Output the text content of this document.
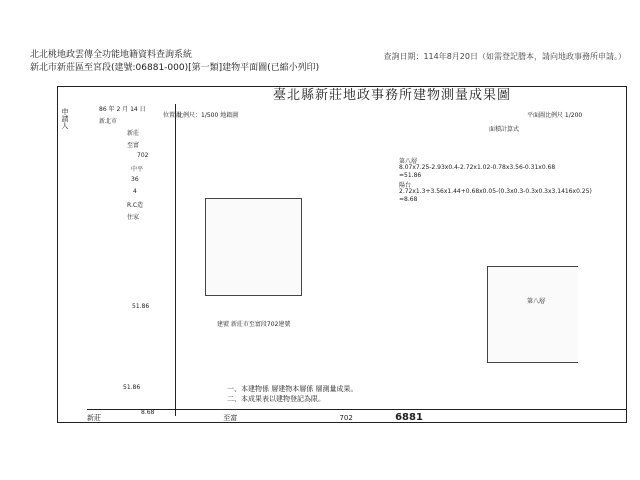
北北桃地政雲傳全功能地籍資料查詢系統
新北市新莊區至宮段(建號:06881-000)[第一類]建物平面圖(已縮小列印)
查詢日期：114年8月20日（如需登記謄本，請向地政事務所申請。）
臺北縣新莊地政事務所建物測量成果圖
申請人	86 年 2 月 14 日
新北市
新莊
至富
702
中平
36
4
R.C造
住家
51.86
51.86
8.68
比例尺：1/500 地籍圖
位置圖	平面圖比例尺 1/200
面積計算式
第八層
8.07x7.25-2.93x0.4-2.72x1.02-0.78x3.56-0.31x0.68
=51.86
陽台
2.72x1.3+3.56x1.44+0.68x0.05-(0.3x0.3-0.3x0.3x3.1416x0.25)
=8.68
第八層
建號 新莊市至富段702建號
一、本建物係 層建物本層係 層測量成果。
二、本成果表以建物登記為限。
新莊	至富	702	6881
